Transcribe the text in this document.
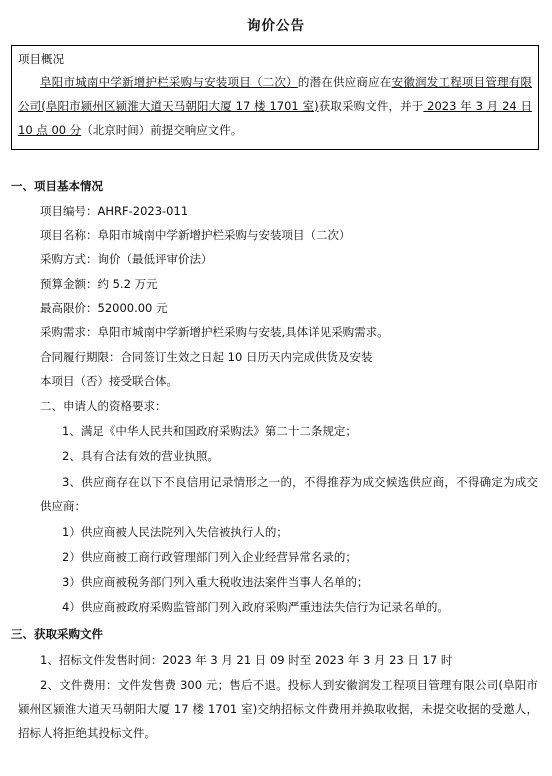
询价公告
项目概况
阜阳市城南中学新增护栏采购与安装项目（二次）的潜在供应商应在安徽润发工程项目管理有限公司(阜阳市颍州区颍淮大道天马朝阳大厦 17 楼 1701 室)获取采购文件，并于 2023 年 3 月 24 日 10 点 00 分（北京时间）前提交响应文件。
一、项目基本情况
项目编号：AHRF-2023-011
项目名称：阜阳市城南中学新增护栏采购与安装项目（二次）
采购方式：询价（最低评审价法）
预算金额：约 5.2 万元
最高限价：52000.00 元
采购需求：阜阳市城南中学新增护栏采购与安装,具体详见采购需求。
合同履行期限：合同签订生效之日起 10 日历天内完成供货及安装
本项目（否）接受联合体。
二、申请人的资格要求：
1、满足《中华人民共和国政府采购法》第二十二条规定；
2、具有合法有效的营业执照。
3、供应商存在以下不良信用记录情形之一的，不得推荐为成交候选供应商，不得确定为成交供应商：
1）供应商被人民法院列入失信被执行人的；
2）供应商被工商行政管理部门列入企业经营异常名录的；
3）供应商被税务部门列入重大税收违法案件当事人名单的；
4）供应商被政府采购监管部门列入政府采购严重违法失信行为记录名单的。
三、获取采购文件
1、招标文件发售时间：2023 年 3 月 21 日 09 时至 2023 年 3 月 23 日 17 时
2、文件费用：文件发售费 300 元；售后不退。投标人到安徽润发工程项目管理有限公司(阜阳市颍州区颍淮大道天马朝阳大厦 17 楼 1701 室)交纳招标文件费用并换取收据，未提交收据的受邀人，招标人将拒绝其投标文件。
